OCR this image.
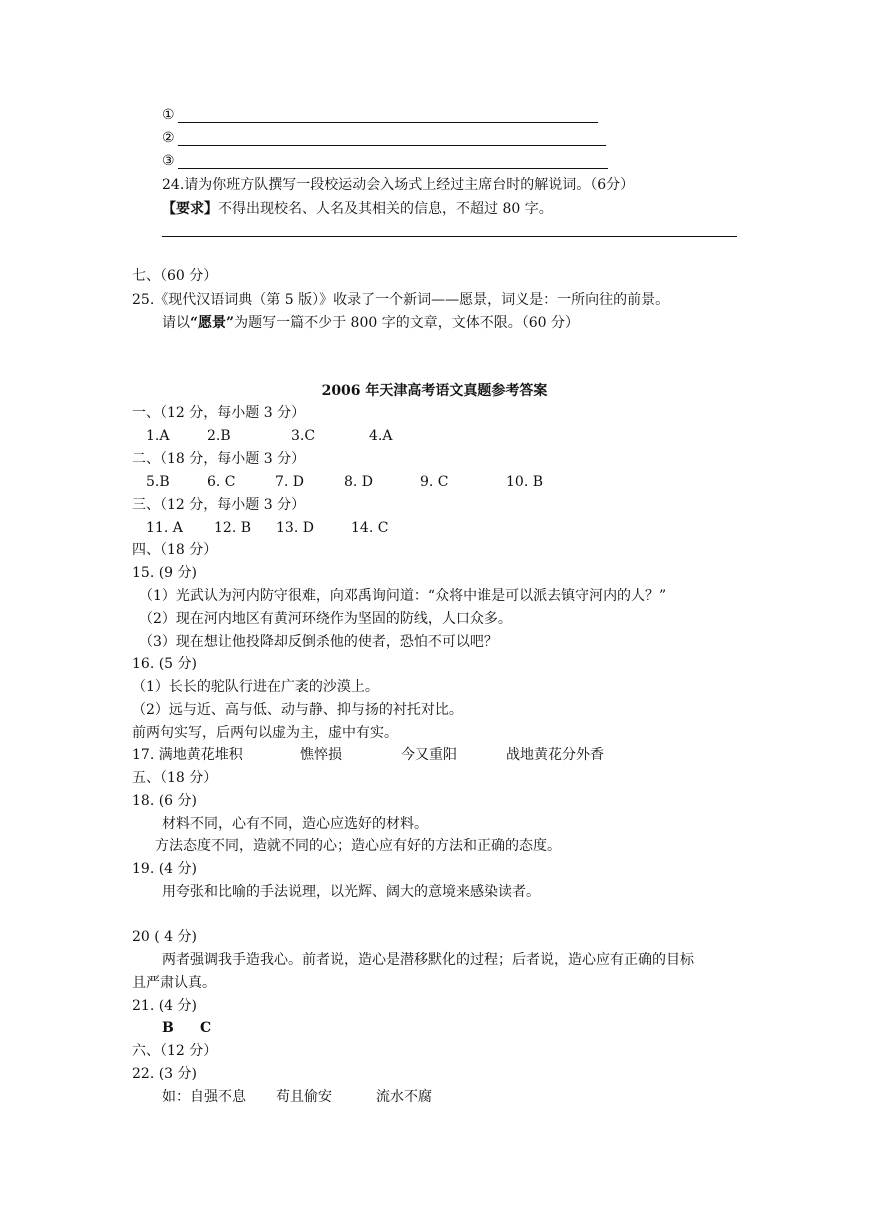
①
②
③
24.请为你班方队撰写一段校运动会入场式上经过主席台时的解说词。（6分）
【要求】不得出现校名、人名及其相关的信息，不超过 80 字。
七、（60 分）
25.《现代汉语词典（第 5 版）》收录了一个新词——愿景，词义是：一所向往的前景。
请以“愿景”为题写一篇不少于 800 字的文章，文体不限。（60 分）
2006 年天津高考语文真题参考答案
一、（12 分，每小题 3 分）
1.A	2.B	3.C	4.A
二、（18 分，每小题 3 分）
5.B	6. C	7. D	8. D	9. C	10. B
三、（12 分，每小题 3 分）
11. A 12. B 13. D	14. C
四、（18 分）
15. (9 分)
（1）光武认为河内防守很难，向邓禹询问道：“众将中谁是可以派去镇守河内的人？”
（2）现在河内地区有黄河环绕作为坚固的防线，人口众多。
（3）现在想让他投降却反倒杀他的使者，恐怕不可以吧？
16. (5 分)
（1）长长的驼队行进在广袤的沙漠上。
（2）远与近、高与低、动与静、抑与扬的衬托对比。
前两句实写，后两句以虚为主，虚中有实。
17. 满地黄花堆积	憔悴损	今又重阳	战地黄花分外香
五、（18 分）
18. (6 分)
材料不同，心有不同，造心应选好的材料。
方法态度不同，造就不同的心；造心应有好的方法和正确的态度。
19. (4 分)
用夸张和比喻的手法说理，以光辉、阔大的意境来感染读者。
20 ( 4 分)
两者强调我手造我心。前者说，造心是潜移默化的过程；后者说，造心应有正确的目标
且严肃认真。
21. (4 分)
B C
六、（12 分）
22. (3 分)
如：自强不息 苟且偷安	流水不腐
